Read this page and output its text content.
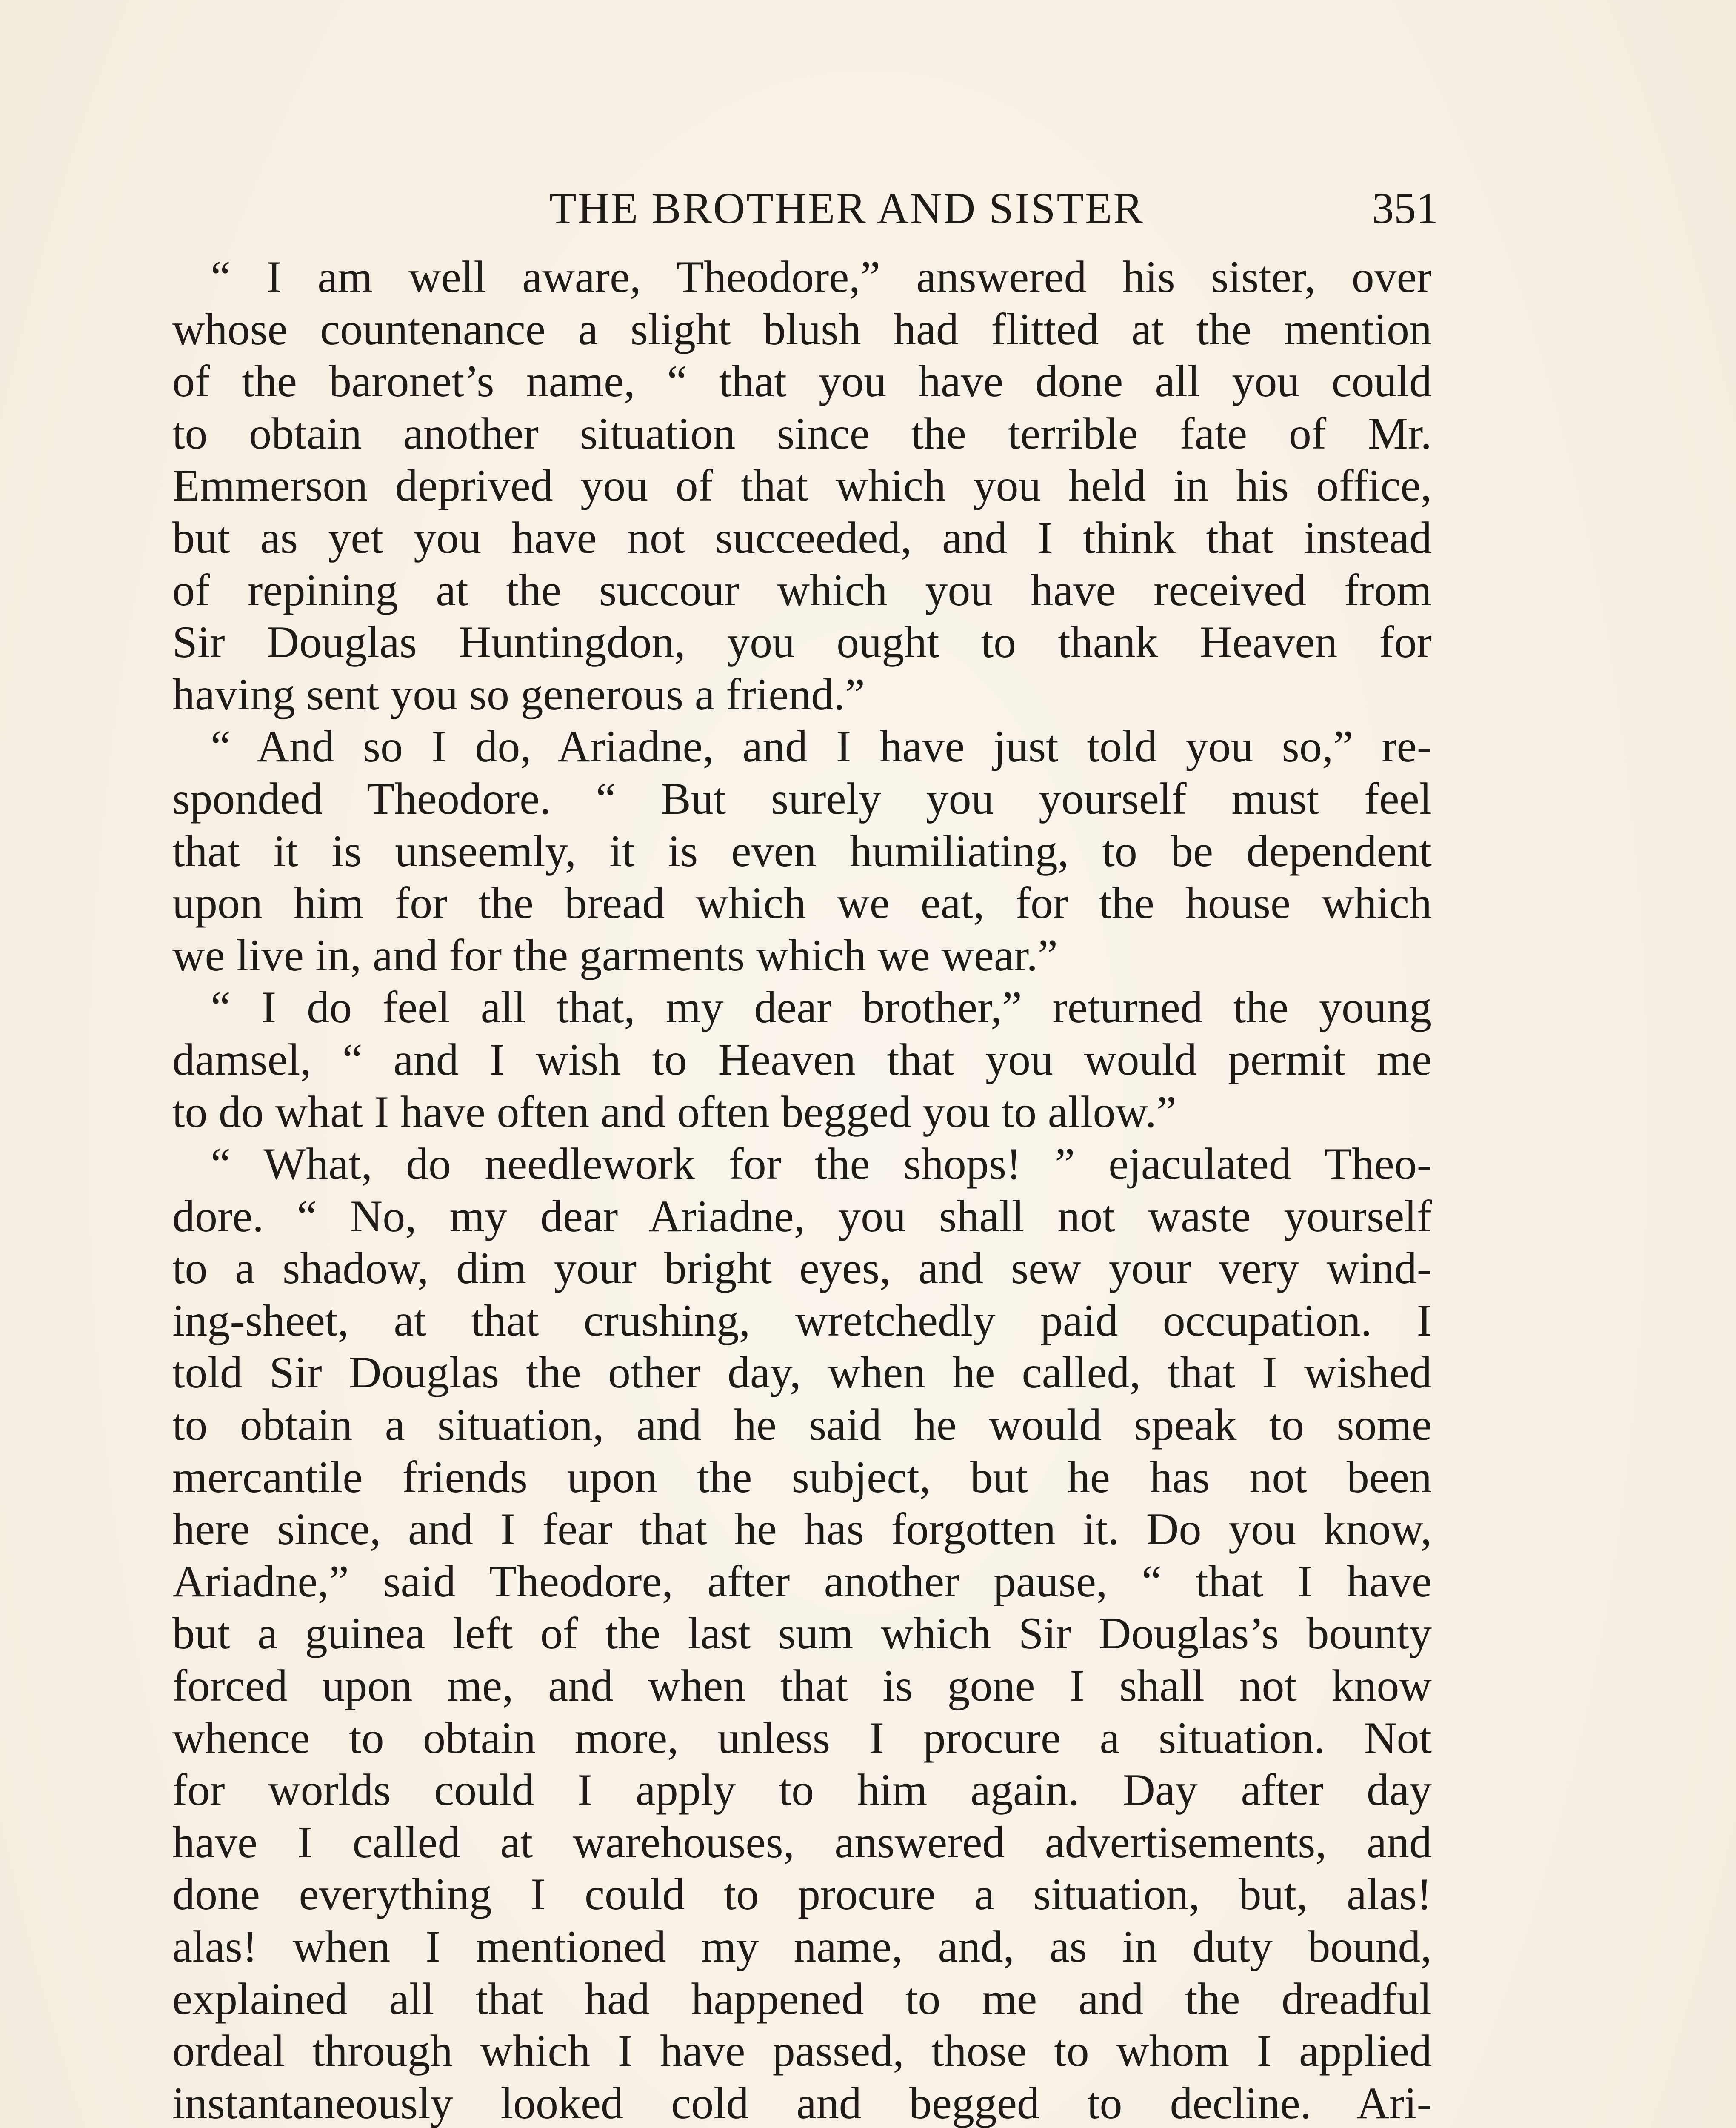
THE BROTHER AND SISTER	351
“ I am well aware, Theodore,” answered his sister, over
whose countenance a slight blush had flitted at the mention
of the baronet’s name, “ that you have done all you could
to obtain another situation since the terrible fate of Mr.
Emmerson deprived you of that which you held in his office,
but as yet you have not succeeded, and I think that instead
of repining at the succour which you have received from
Sir Douglas Huntingdon, you ought to thank Heaven for
having sent you so generous a friend.”
“ And so I do, Ariadne, and I have just told you so,” re-
sponded Theodore. “ But surely you yourself must feel
that it is unseemly, it is even humiliating, to be dependent
upon him for the bread which we eat, for the house which
we live in, and for the garments which we wear.”
“ I do feel all that, my dear brother,” returned the young
damsel, “ and I wish to Heaven that you would permit me
to do what I have often and often begged you to allow.”
“ What, do needlework for the shops! ” ejaculated Theo-
dore. “ No, my dear Ariadne, you shall not waste yourself
to a shadow, dim your bright eyes, and sew your very wind-
ing-sheet, at that crushing, wretchedly paid occupation. I
told Sir Douglas the other day, when he called, that I wished
to obtain a situation, and he said he would speak to some
mercantile friends upon the subject, but he has not been
here since, and I fear that he has forgotten it. Do you know,
Ariadne,” said Theodore, after another pause, “ that I have
but a guinea left of the last sum which Sir Douglas’s bounty
forced upon me, and when that is gone I shall not know
whence to obtain more, unless I procure a situation. Not
for worlds could I apply to him again. Day after day
have I called at warehouses, answered advertisements, and
done everything I could to procure a situation, but, alas!
alas! when I mentioned my name, and, as in duty bound,
explained all that had happened to me and the dreadful
ordeal through which I have passed, those to whom I applied
instantaneously looked cold and begged to decline. Ari-
